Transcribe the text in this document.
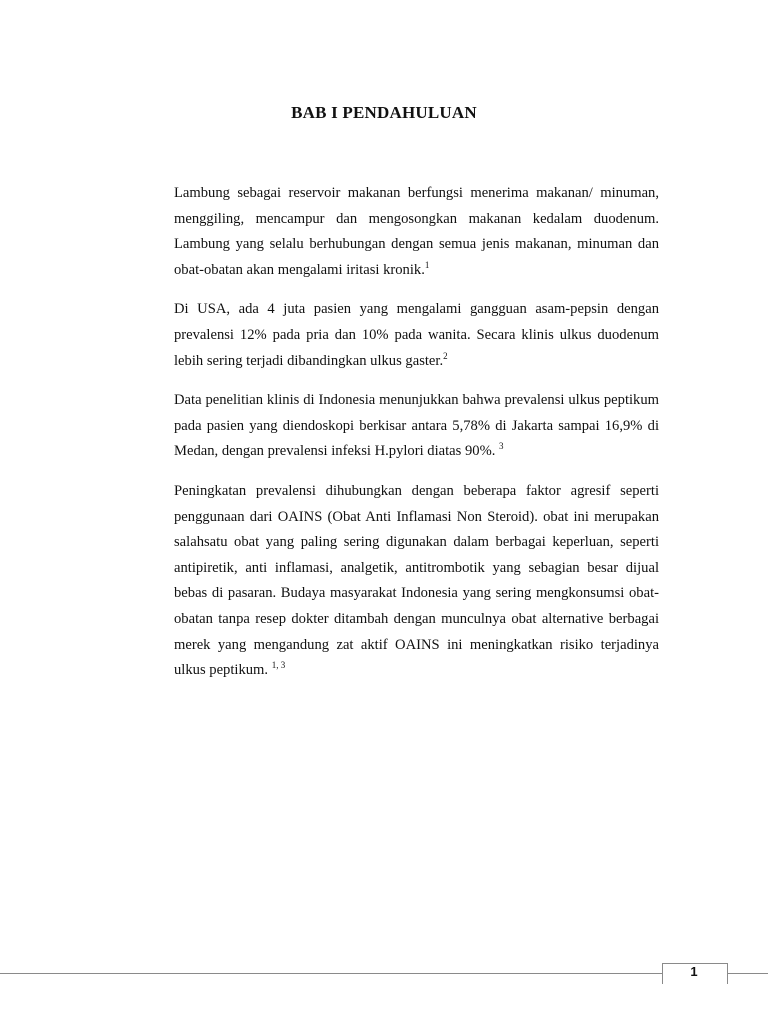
BAB I PENDAHULUAN

Lambung sebagai reservoir makanan berfungsi menerima makanan/ minuman, menggiling, mencampur dan mengosongkan makanan kedalam duodenum. Lambung yang selalu berhubungan dengan semua jenis makanan, minuman dan obat-obatan akan mengalami iritasi kronik.$^1$

Di USA, ada 4 juta pasien yang mengalami gangguan asam-pepsin dengan prevalensi 12% pada pria dan 10% pada wanita. Secara klinis ulkus duodenum lebih sering terjadi dibandingkan ulkus gaster.$^2$

Data penelitian klinis di Indonesia menunjukkan bahwa prevalensi ulkus peptikum pada pasien yang diendoskopi berkisar antara 5,78% di Jakarta sampai 16,9% di Medan, dengan prevalensi infeksi H.pylori diatas 90%. $^3$

Peningkatan prevalensi dihubungkan dengan beberapa faktor agresif seperti penggunaan dari OAINS (Obat Anti Inflamasi Non Steroid). obat ini merupakan salahsatu obat yang paling sering digunakan dalam berbagai keperluan, seperti antipiretik, anti inflamasi, analgetik, antitrombotik yang sebagian besar dijual bebas di pasaran. Budaya masyarakat Indonesia yang sering mengkonsumsi obat-obatan tanpa resep dokter ditambah dengan munculnya obat alternative berbagai merek yang mengandung zat aktif OAINS ini meningkatkan risiko terjadinya ulkus peptikum. $^{1, 3}$

1
